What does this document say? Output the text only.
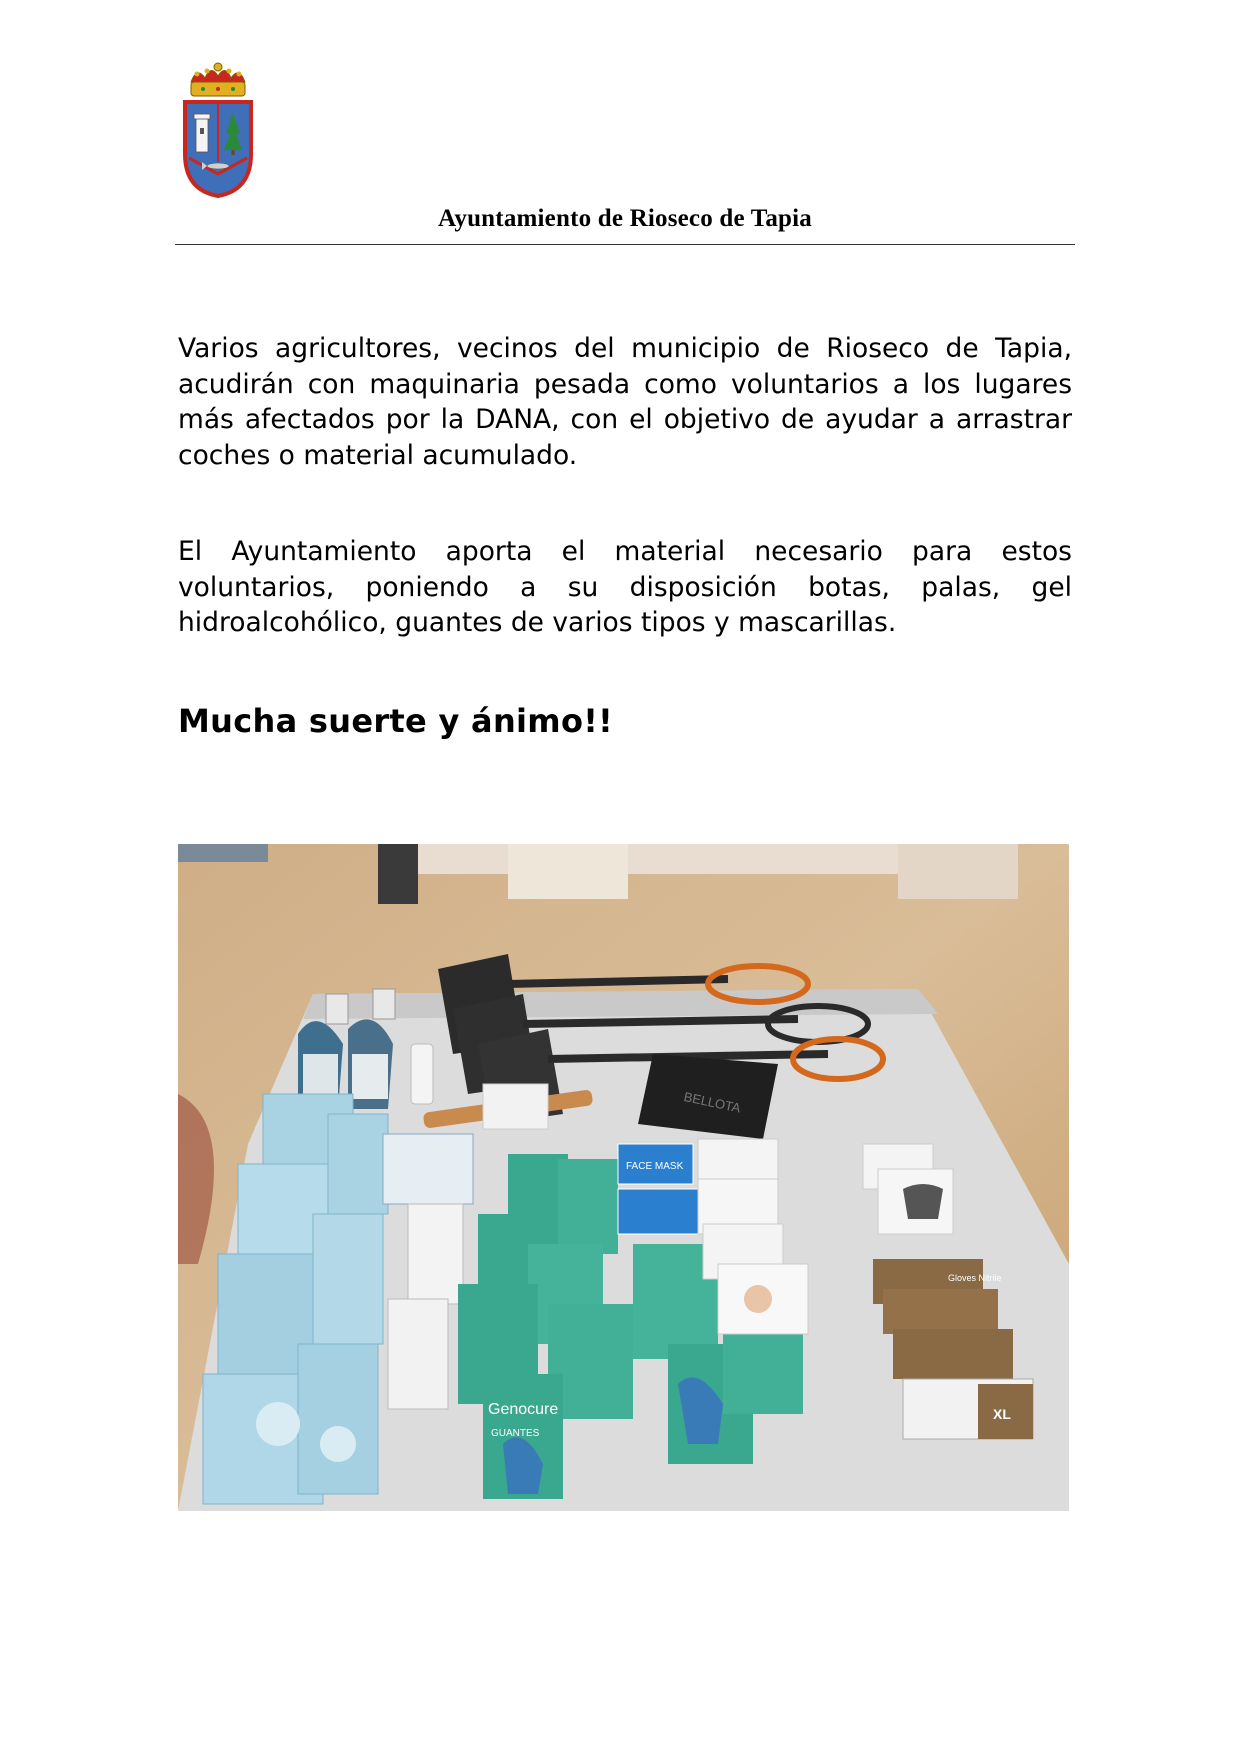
Ayuntamiento de Rioseco de Tapia

Varios agricultores, vecinos del municipio de Rioseco de Tapia, acudirán con maquinaria pesada como voluntarios a los lugares más afectados por la DANA, con el objetivo de ayudar a arrastrar coches o material acumulado.

El Ayuntamiento aporta el material necesario para estos voluntarios, poniendo a su disposición botas, palas, gel hidroalcohólico, guantes de varios tipos y mascarillas.

Mucha suerte y ánimo!!
BELLOTA
Genocure
GUANTES
FACE MASK
Gloves Nitrile
XL
